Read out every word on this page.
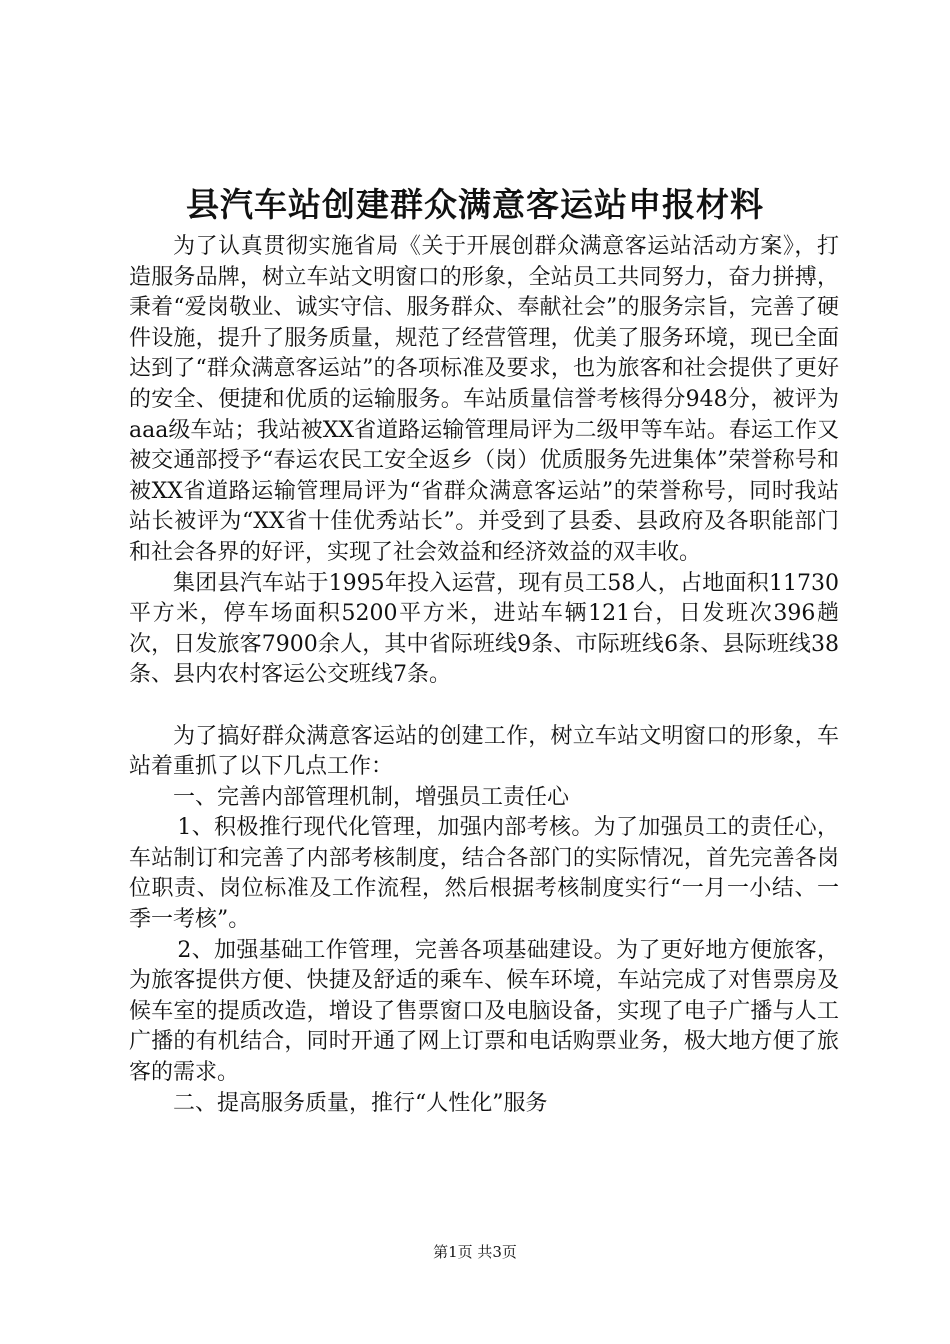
县汽车站创建群众满意客运站申报材料

为了认真贯彻实施省局《关于开展创群众满意客运站活动方案》，打造服务品牌，树立车站文明窗口的形象，全站员工共同努力，奋力拼搏，秉着“爱岗敬业、诚实守信、服务群众、奉献社会”的服务宗旨，完善了硬件设施，提升了服务质量，规范了经营管理，优美了服务环境，现已全面达到了“群众满意客运站”的各项标准及要求，也为旅客和社会提供了更好的安全、便捷和优质的运输服务。车站质量信誉考核得分948分，被评为aaa级车站；我站被XX省道路运输管理局评为二级甲等车站。春运工作又被交通部授予“春运农民工安全返乡（岗）优质服务先进集体”荣誉称号和被XX省道路运输管理局评为“省群众满意客运站”的荣誉称号，同时我站站长被评为“XX省十佳优秀站长”。并受到了县委、县政府及各职能部门和社会各界的好评，实现了社会效益和经济效益的双丰收。

集团县汽车站于1995年投入运营，现有员工58人，占地面积11730平方米，停车场面积5200平方米，进站车辆121台，日发班次396趟次，日发旅客7900余人，其中省际班线9条、市际班线6条、县际班线38条、县内农村客运公交班线7条。

为了搞好群众满意客运站的创建工作，树立车站文明窗口的形象，车站着重抓了以下几点工作：

一、完善内部管理机制，增强员工责任心

1、积极推行现代化管理，加强内部考核。为了加强员工的责任心，车站制订和完善了内部考核制度，结合各部门的实际情况，首先完善各岗位职责、岗位标准及工作流程，然后根据考核制度实行“一月一小结、一季一考核”。

2、加强基础工作管理，完善各项基础建设。为了更好地方便旅客，为旅客提供方便、快捷及舒适的乘车、候车环境，车站完成了对售票房及候车室的提质改造，增设了售票窗口及电脑设备，实现了电子广播与人工广播的有机结合，同时开通了网上订票和电话购票业务，极大地方便了旅客的需求。

二、提高服务质量，推行“人性化”服务

第1页 共3页
